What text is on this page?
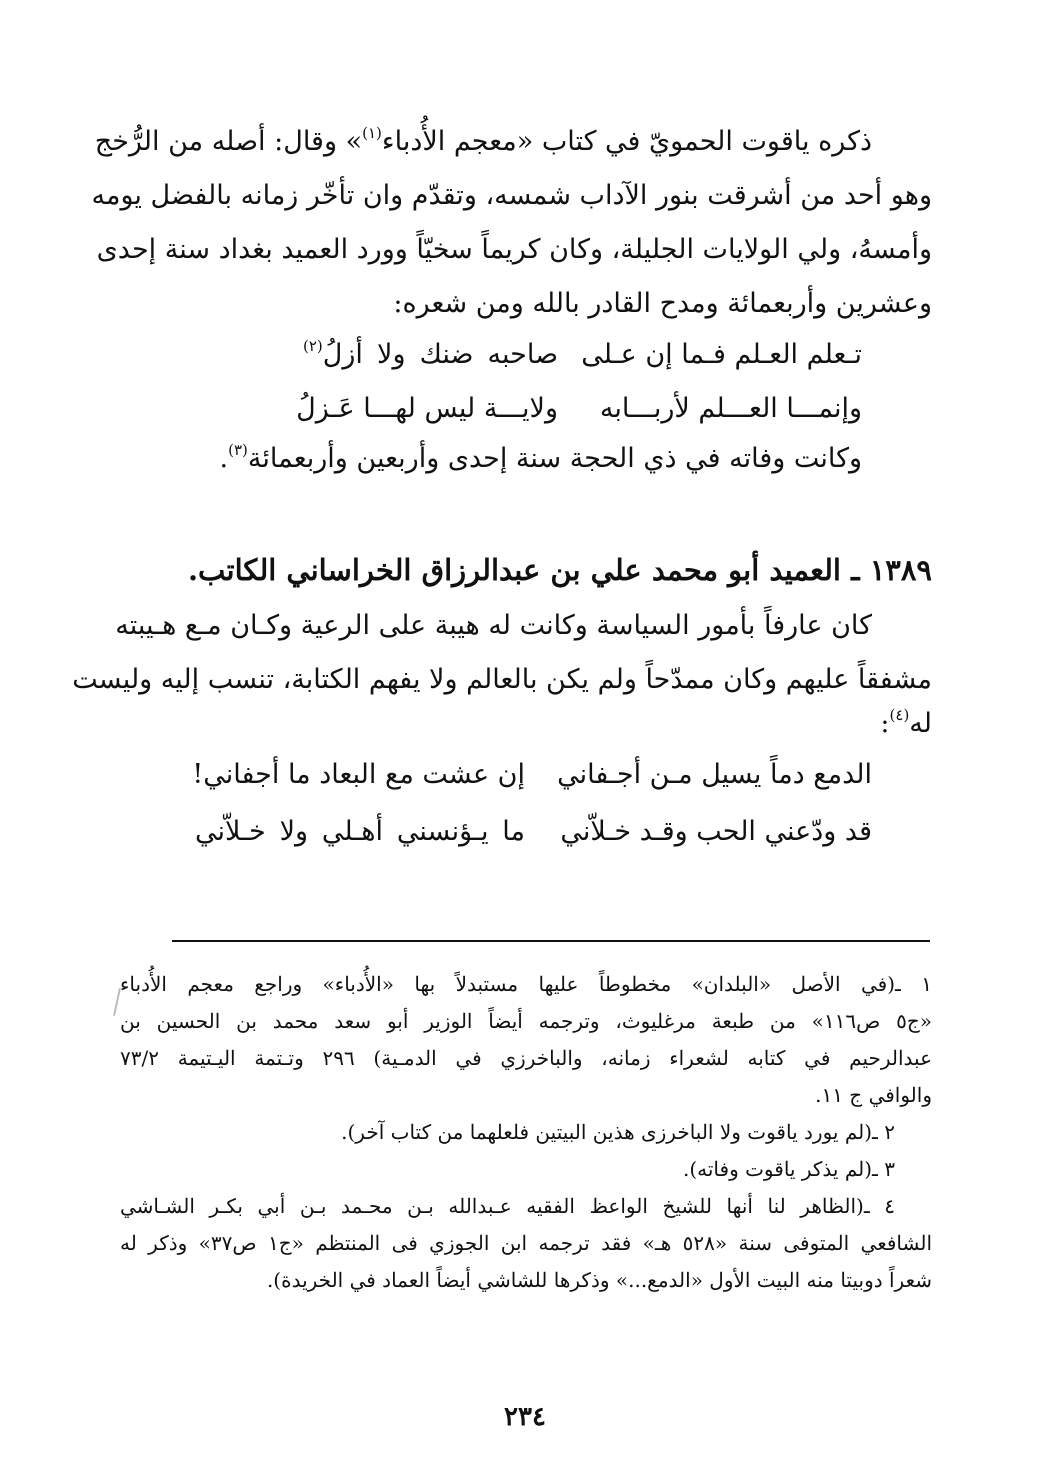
ذكره ياقوت الحمويّ في كتاب «معجم الأُدباء$^{(١)}$» وقال: أصله من الرُّخج
وهو أحد من أشرقت بنور الآداب شمسه، وتقدّم وان تأخّر زمانه بالفضل يومه
وأمسهُ، ولي الولايات الجليلة، وكان كريماً سخيّاً وورد العميد بغداد سنة إحدى
وعشرين وأربعمائة ومدح القادر بالله ومن شعره:
تـعلم العـلم فـما إن عـلى
صاحبه ضنك ولا أزلُ$^{(٢)}$
وإنمـــا العـــلم لأربـــابه
ولايـــة ليس لهـــا عَـزلُ
وكانت وفاته في ذي الحجة سنة إحدى وأربعين وأربعمائة$^{(٣)}$.
١٣٨٩ ـ العميد أبو محمد علي بن عبدالرزاق الخراساني الكاتب.
كان عارفاً بأمور السياسة وكانت له هيبة على الرعية وكـان مـع هـيبته
مشفقاً عليهم وكان ممدّحاً ولم يكن بالعالم ولا يفهم الكتابة، تنسب إليه وليست
له$^{(٤)}$:
الدمع دماً يسيل مـن أجـفاني
إن عشت مع البعاد ما أجفاني!
قد ودّعني الحب وقـد خـلاّني
ما يـؤنسني أهـلي ولا خـلاّني
١ ـ(في الأصل «البلدان» مخطوطاً عليها مستبدلاً بها «الأُدباء» وراجع معجم الأُدباء
«ج٥ ص١١٦» من طبعة مرغليوث، وترجمه أيضاً الوزير أبو سعد محمد بن الحسين بن
عبدالرحيم في كتابه لشعراء زمانه، والباخرزي في الدمـية) ٢٩٦ وتـتمة اليـتيمة ٧٣/٢
والوافي ج ١١.
٢ ـ(لم يورد ياقوت ولا الباخرزى هذين البيتين فلعلهما من كتاب آخر).
٣ ـ(لم يذكر ياقوت وفاته).
٤ ـ(الظاهر لنا أنها للشيخ الواعظ الفقيه عـبدالله بـن محـمد بـن أبي بكـر الشـاشي
الشافعي المتوفى سنة «٥٢٨ هـ» فقد ترجمه ابن الجوزي فى المنتظم «ج١ ص٣٧» وذكر له
شعراً دوبيتا منه البيت الأول «الدمع...» وذكرها للشاشي أيضاً العماد في الخريدة).
٢٣٤
